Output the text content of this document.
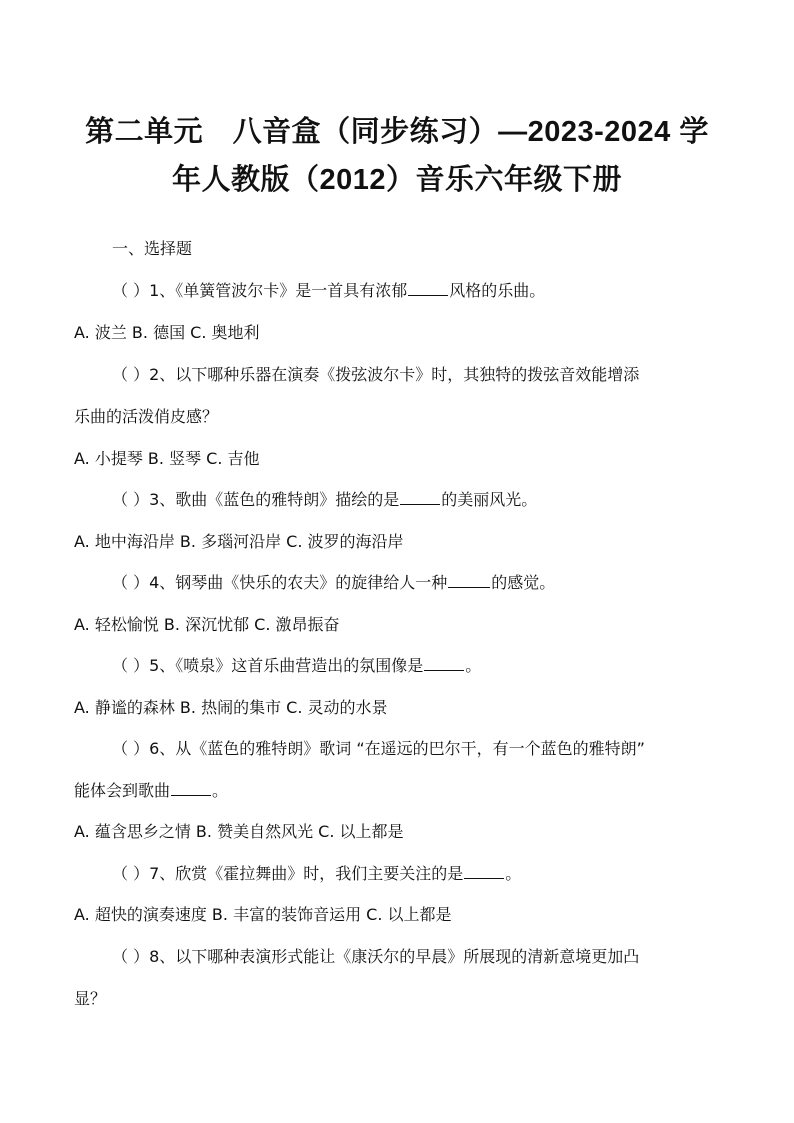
第二单元　八音盒（同步练习）—2023-2024 学
年人教版（2012）音乐六年级下册
一、选择题
（ ）1、《单簧管波尔卡》是一首具有浓郁	风格的乐曲。
A. 波兰 B. 德国 C. 奥地利
（ ）2、以下哪种乐器在演奏《拨弦波尔卡》时，其独特的拨弦音效能增添
乐曲的活泼俏皮感？
A. 小提琴 B. 竖琴 C. 吉他
（ ）3、歌曲《蓝色的雅特朗》描绘的是	的美丽风光。
A. 地中海沿岸 B. 多瑙河沿岸 C. 波罗的海沿岸
（ ）4、钢琴曲《快乐的农夫》的旋律给人一种	的感觉。
A. 轻松愉悦 B. 深沉忧郁 C. 激昂振奋
（ ）5、《喷泉》这首乐曲营造出的氛围像是	。
A. 静谧的森林 B. 热闹的集市 C. 灵动的水景
（ ）6、从《蓝色的雅特朗》歌词 “在遥远的巴尔干，有一个蓝色的雅特朗”
能体会到歌曲	。
A. 蕴含思乡之情 B. 赞美自然风光 C. 以上都是
（ ）7、欣赏《霍拉舞曲》时，我们主要关注的是	。
A. 超快的演奏速度 B. 丰富的装饰音运用 C. 以上都是
（ ）8、以下哪种表演形式能让《康沃尔的早晨》所展现的清新意境更加凸
显？
